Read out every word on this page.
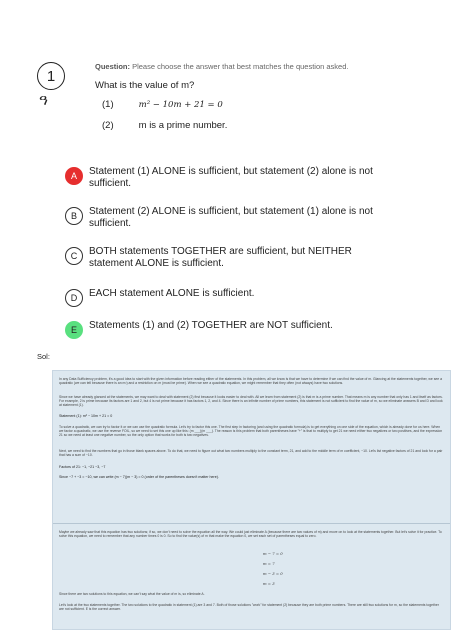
1
ዓ
Question: Please choose the answer that best matches the question asked.
What is the value of m?
(1)	m² − 10m + 21 = 0
(2)	m is a prime number.
A	Statement (1) ALONE is sufficient, but statement (2) alone is not sufficient.
B	Statement (2) ALONE is sufficient, but statement (1) alone is not sufficient.
C	BOTH statements TOGETHER are sufficient, but NEITHER statement ALONE is sufficient.
D	EACH statement ALONE is sufficient.
E	Statements (1) and (2) TOGETHER are NOT sufficient.
Sol:
In any Data Sufficiency problem, it's a good idea to start with the given information before reading either of the statements. In this problem, all we know is that we have to determine if we can find the value of m. Glancing at the statements together, we see a quadratic (we can tell because there is an m²) and a restriction on m (must be prime). When we see a quadratic equation, we might remember that they often (not always) have two solutions.
Since we have already glanced at the statements, we may want to deal with statement (2) first because it looks easier to deal with. All we learn from statement (2) is that m is a prime number. That means m is any number that only has 1 and itself as factors. For example, 2 is prime because its factors are 1 and 2, but 4 is not prime because it has factors 1, 2, and 4. Since there is an infinite number of prime numbers, this statement is not sufficient to find the value of m, so we eliminate answers B and D and look at statement (1).
Statement (1): m² − 10m + 21 = 0
To solve a quadratic, we can try to factor it or we can use the quadratic formula. Let's try to factor this one. The first step in factoring (and using the quadratic formula) is to get everything on one side of the equation, which is already done for us here. When we factor a quadratic, we use the reverse FOIL, so we need to set this one up like this: (m ___)(m ___). The reason is this problem that both parentheses have "+" is that to multiply to get 21 we need either two negatives or two positives, and the expression 21 so we need at least one negative number, so the only option that works for both is two negatives.
Next, we need to find the numbers that go in those blank spaces above. To do that, we need to figure out what two numbers multiply to the constant term, 21, and add to the middle term of m coefficient, −10. Let's list negative factors of 21 and look for a pair that has a sum of −10.
Factors of 21: −1, −21 −3, −7
Since −7 + −3 = −10, we can write (m − 7)(m − 3) = 0 (order of the parentheses doesn't matter here).
Maybe we already saw that this equation has two solutions; if so, we don't need to solve the equation all the way. We could just eliminate A (because there are two values of m) and move on to look at the statements together. But let's solve it for practice. To solve this equation, we need to remember that any number times 0 is 0. So to find the value(s) of m that make the equation 0, we set each set of parentheses equal to zero.
m − 7 = 0
m = 7
m − 3 = 0
m = 3
Since there are two solutions to this equation, we can't say what the value of m is, so eliminate A.
Let's look at the two statements together. The two solutions to the quadratic in statement (1) are 3 and 7. Both of those solutions "work" for statement (2) because they are both prime numbers. There are still two solutions for m, so the statements together are not sufficient. E is the correct answer.
